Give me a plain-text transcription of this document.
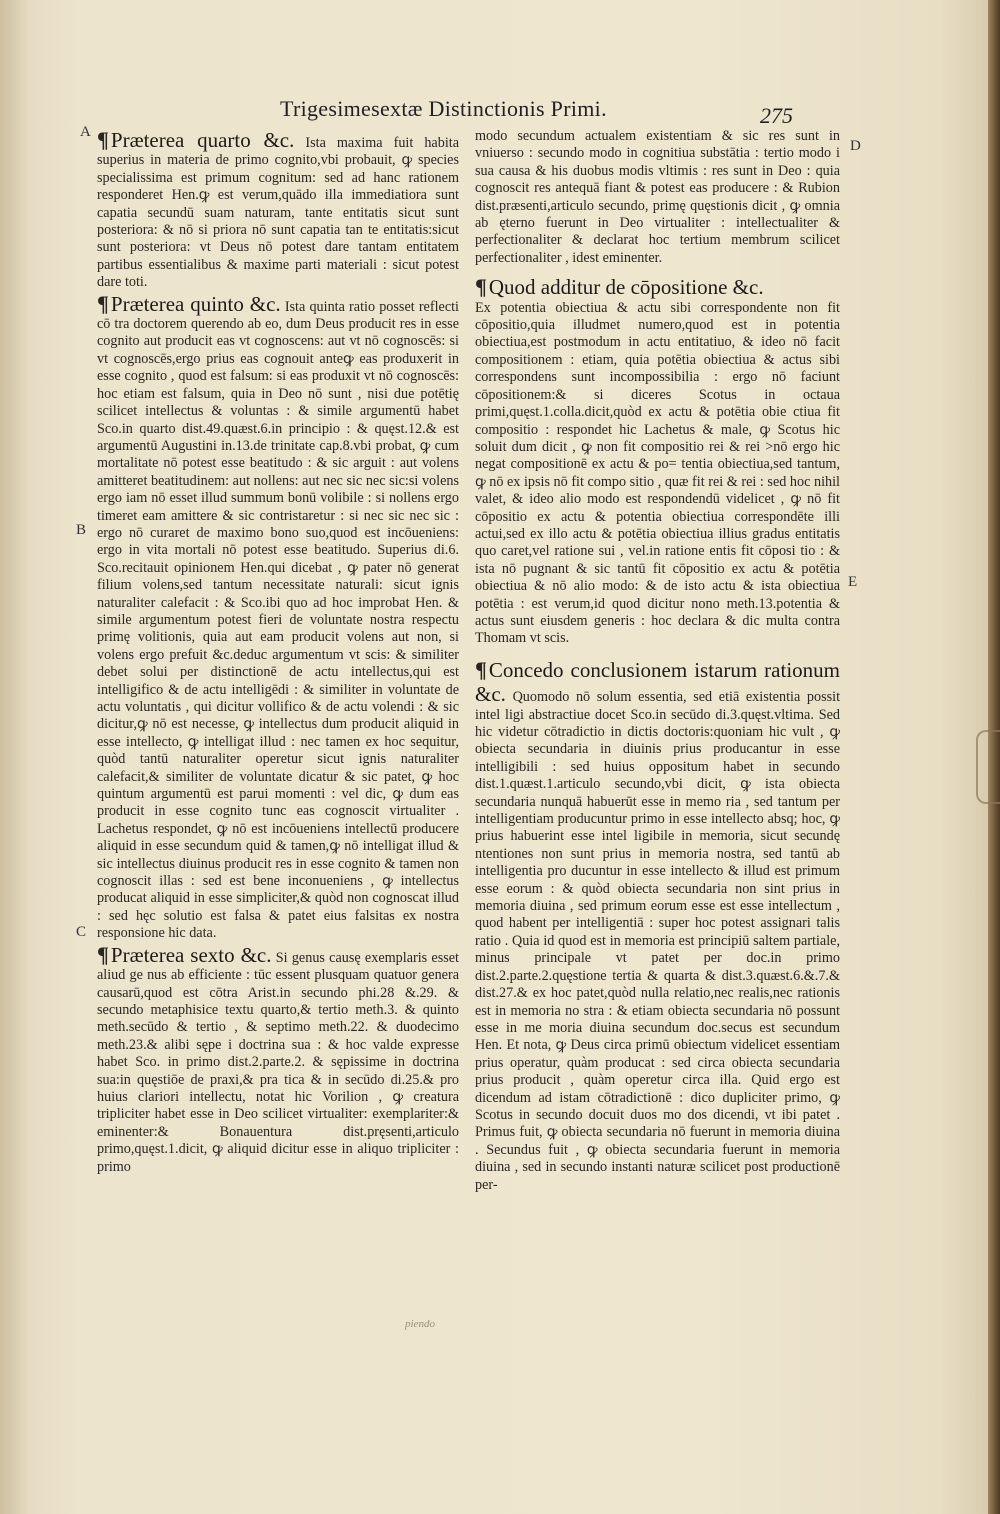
Trigesimesextæ Distinctionis Primi.	275
A
D
B
E
C

¶Præterea quarto &c. Ista maxima fuit habita superius in materia de primo cognito,vbi probauit, ꝙ species specialissima est primum cognitum: sed ad hanc rationem responderet Hen.ꝙ est verum,quādo illa immediatiora sunt capatia secundū suam naturam, tante entitatis sicut sunt posteriora: & nō si priora nō sunt capatia tan te entitatis:sicut sunt posteriora: vt Deus nō potest dare tantam entitatem partibus essentialibus & maxime parti materiali : sicut potest dare toti.

¶Præterea quinto &c. Ista quinta ratio posset reflecti cō tra doctorem querendo ab eo, dum Deus producit res in esse cognito aut producit eas vt cognoscens: aut vt nō cognoscēs: si vt cognoscēs,ergo prius eas cognouit anteꝙ eas produxerit in esse cognito , quod est falsum: si eas produxit vt nō cognoscēs: hoc etiam est falsum, quia in Deo nō sunt , nisi due potētię scilicet intellectus & voluntas : & simile argumentū habet Sco.in quarto dist.49.quæst.6.in principio : & quęst.12.& est argumentū Augustini in.13.de trinitate cap.8.vbi probat, ꝙ cum mortalitate nō potest esse beatitudo : & sic arguit : aut volens amitteret beatitudinem: aut nollens: aut nec sic nec sic:si volens ergo iam nō esset illud summum bonū volibile : si nollens ergo timeret eam amittere & sic contristaretur : si nec sic nec sic : ergo nō curaret de maximo bono suo,quod est incōueniens: ergo in vita mortali nō potest esse beatitudo. Superius di.6. Sco.recitauit opinionem Hen.qui dicebat , ꝙ pater nō generat filium volens,sed tantum necessitate naturali: sicut ignis naturaliter calefacit : & Sco.ibi quo ad hoc improbat Hen. & simile argumentum potest fieri de voluntate nostra respectu primę volitionis, quia aut eam producit volens aut non, si volens ergo prefuit &c.deduc argumentum vt scis: & similiter debet solui per distinctionē de actu intellectus,qui est intelligifico & de actu intelligēdi : & similiter in voluntate de actu voluntatis , qui dicitur vollifico & de actu volendi : & sic dicitur,ꝙ nō est necesse, ꝙ intellectus dum producit aliquid in esse intellecto, ꝙ intelligat illud : nec tamen ex hoc sequitur, quòd tantū naturaliter operetur sicut ignis naturaliter calefacit,& similiter de voluntate dicatur & sic patet, ꝙ hoc quintum argumentū est parui momenti : vel dic, ꝙ dum eas producit in esse cognito tunc eas cognoscit virtualiter . Lachetus respondet, ꝙ nō est incōueniens intellectū producere aliquid in esse secundum quid & tamen,ꝙ nō intelligat illud & sic intellectus diuinus producit res in esse cognito & tamen non cognoscit illas : sed est bene inconueniens , ꝙ intellectus producat aliquid in esse simpliciter,& quòd non cognoscat illud : sed hęc solutio est falsa & patet eius falsitas ex nostra responsione hic data.

¶Præterea sexto &c. Si genus causę exemplaris esset aliud ge nus ab efficiente : tūc essent plusquam quatuor genera causarū,quod est cōtra Arist.in secundo phi.28 &.29. & secundo metaphisice textu quarto,& tertio meth.3. & quinto meth.secūdo & tertio , & septimo meth.22. & duodecimo meth.23.& alibi sępe i doctrina sua : & hoc valde expresse habet Sco. in primo dist.2.parte.2. & sępissime in doctrina sua:in quęstiōe de praxi,& pra tica & in secūdo di.25.& pro huius clariori intellectu, notat hic Vorilion , ꝙ creatura tripliciter habet esse in Deo scilicet virtualiter: exemplariter:& eminenter:& Bonauentura dist.pręsenti,articulo primo,quęst.1.dicit, ꝙ aliquid dicitur esse in aliquo tripliciter : primo

modo secundum actualem existentiam & sic res sunt in vniuerso : secundo modo in cognitiua substātia : tertio modo i sua causa & his duobus modis vltimis : res sunt in Deo : quia cognoscit res antequā fiant & potest eas producere : & Rubion dist.præsenti,articulo secundo, primę quęstionis dicit , ꝙ omnia ab ęterno fuerunt in Deo virtualiter : intellectualiter & perfectionaliter & declarat hoc tertium membrum scilicet perfectionaliter , idest eminenter.

¶Quod additur de cōpositione &c.
Ex potentia obiectiua & actu sibi correspondente non fit cōpositio,quia illudmet numero,quod est in potentia obiectiua,est postmodum in actu entitatiuo, & ideo nō facit compositionem : etiam, quia potētia obiectiua & actus sibi correspondens sunt incompossibilia : ergo nō faciunt cōpositionem:& si diceres Scotus in octaua primi,quęst.1.colla.dicit,quòd ex actu & potētia obie ctiua fit compositio : respondet hic Lachetus & male, ꝙ Scotus hic soluit dum dicit , ꝙ non fit compositio rei & rei >nō ergo hic negat compositionē ex actu & po= tentia obiectiua,sed tantum, ꝙ nō ex ipsis nō fit compo sitio , quæ fit rei & rei : sed hoc nihil valet, & ideo alio modo est respondendū videlicet , ꝙ nō fit cōpositio ex actu & potentia obiectiua correspondēte illi actui,sed ex illo actu & potētia obiectiua illius gradus entitatis quo caret,vel ratione sui , vel.in ratione entis fit cōposi tio : & ista nō pugnant & sic tantū fit cōpositio ex actu & potētia obiectiua & nō alio modo: & de isto actu & ista obiectiua potētia : est verum,id quod dicitur nono meth.13.potentia & actus sunt eiusdem generis : hoc declara & dic multa contra Thomam vt scis.

¶Concedo conclusionem istarum rationum &c. Quomodo nō solum essentia, sed etiā existentia possit intel ligi abstractiue docet Sco.in secūdo di.3.quęst.vltima. Sed hic videtur cōtradictio in dictis doctoris:quoniam hic vult , ꝙ obiecta secundaria in diuinis prius producantur in esse intelligibili : sed huius oppositum habet in secundo dist.1.quæst.1.articulo secundo,vbi dicit, ꝙ ista obiecta secundaria nunquā habuerūt esse in memo ria , sed tantum per intelligentiam producuntur primo in esse intellecto absq; hoc, ꝙ prius habuerint esse intel ligibile in memoria, sicut secundę ntentiones non sunt prius in memoria nostra, sed tantū ab intelligentia pro ducuntur in esse intellecto & illud est primum esse eorum : & quòd obiecta secundaria non sint prius in memoria diuina , sed primum eorum esse est esse intellectum , quod habent per intelligentiā : super hoc potest assignari talis ratio . Quia id quod est in memoria est principiū saltem partiale, minus principale vt patet per doc.in primo dist.2.parte.2.quęstione tertia & quarta & dist.3.quæst.6.&.7.& dist.27.& ex hoc patet,quòd nulla relatio,nec realis,nec rationis est in memoria no stra : & etiam obiecta secundaria nō possunt esse in me moria diuina secundum doc.secus est secundum Hen. Et nota, ꝙ Deus circa primū obiectum videlicet essentiam prius operatur, quàm producat : sed circa obiecta secundaria prius producit , quàm operetur circa illa. Quid ergo est dicendum ad istam cōtradictionē : dico dupliciter primo, ꝙ Scotus in secundo docuit duos mo dos dicendi, vt ibi patet . Primus fuit, ꝙ obiecta secundaria nō fuerunt in memoria diuina . Secundus fuit , ꝙ obiecta secundaria fuerunt in memoria diuina , sed in secundo instanti naturæ scilicet post productionē per-

piendo
